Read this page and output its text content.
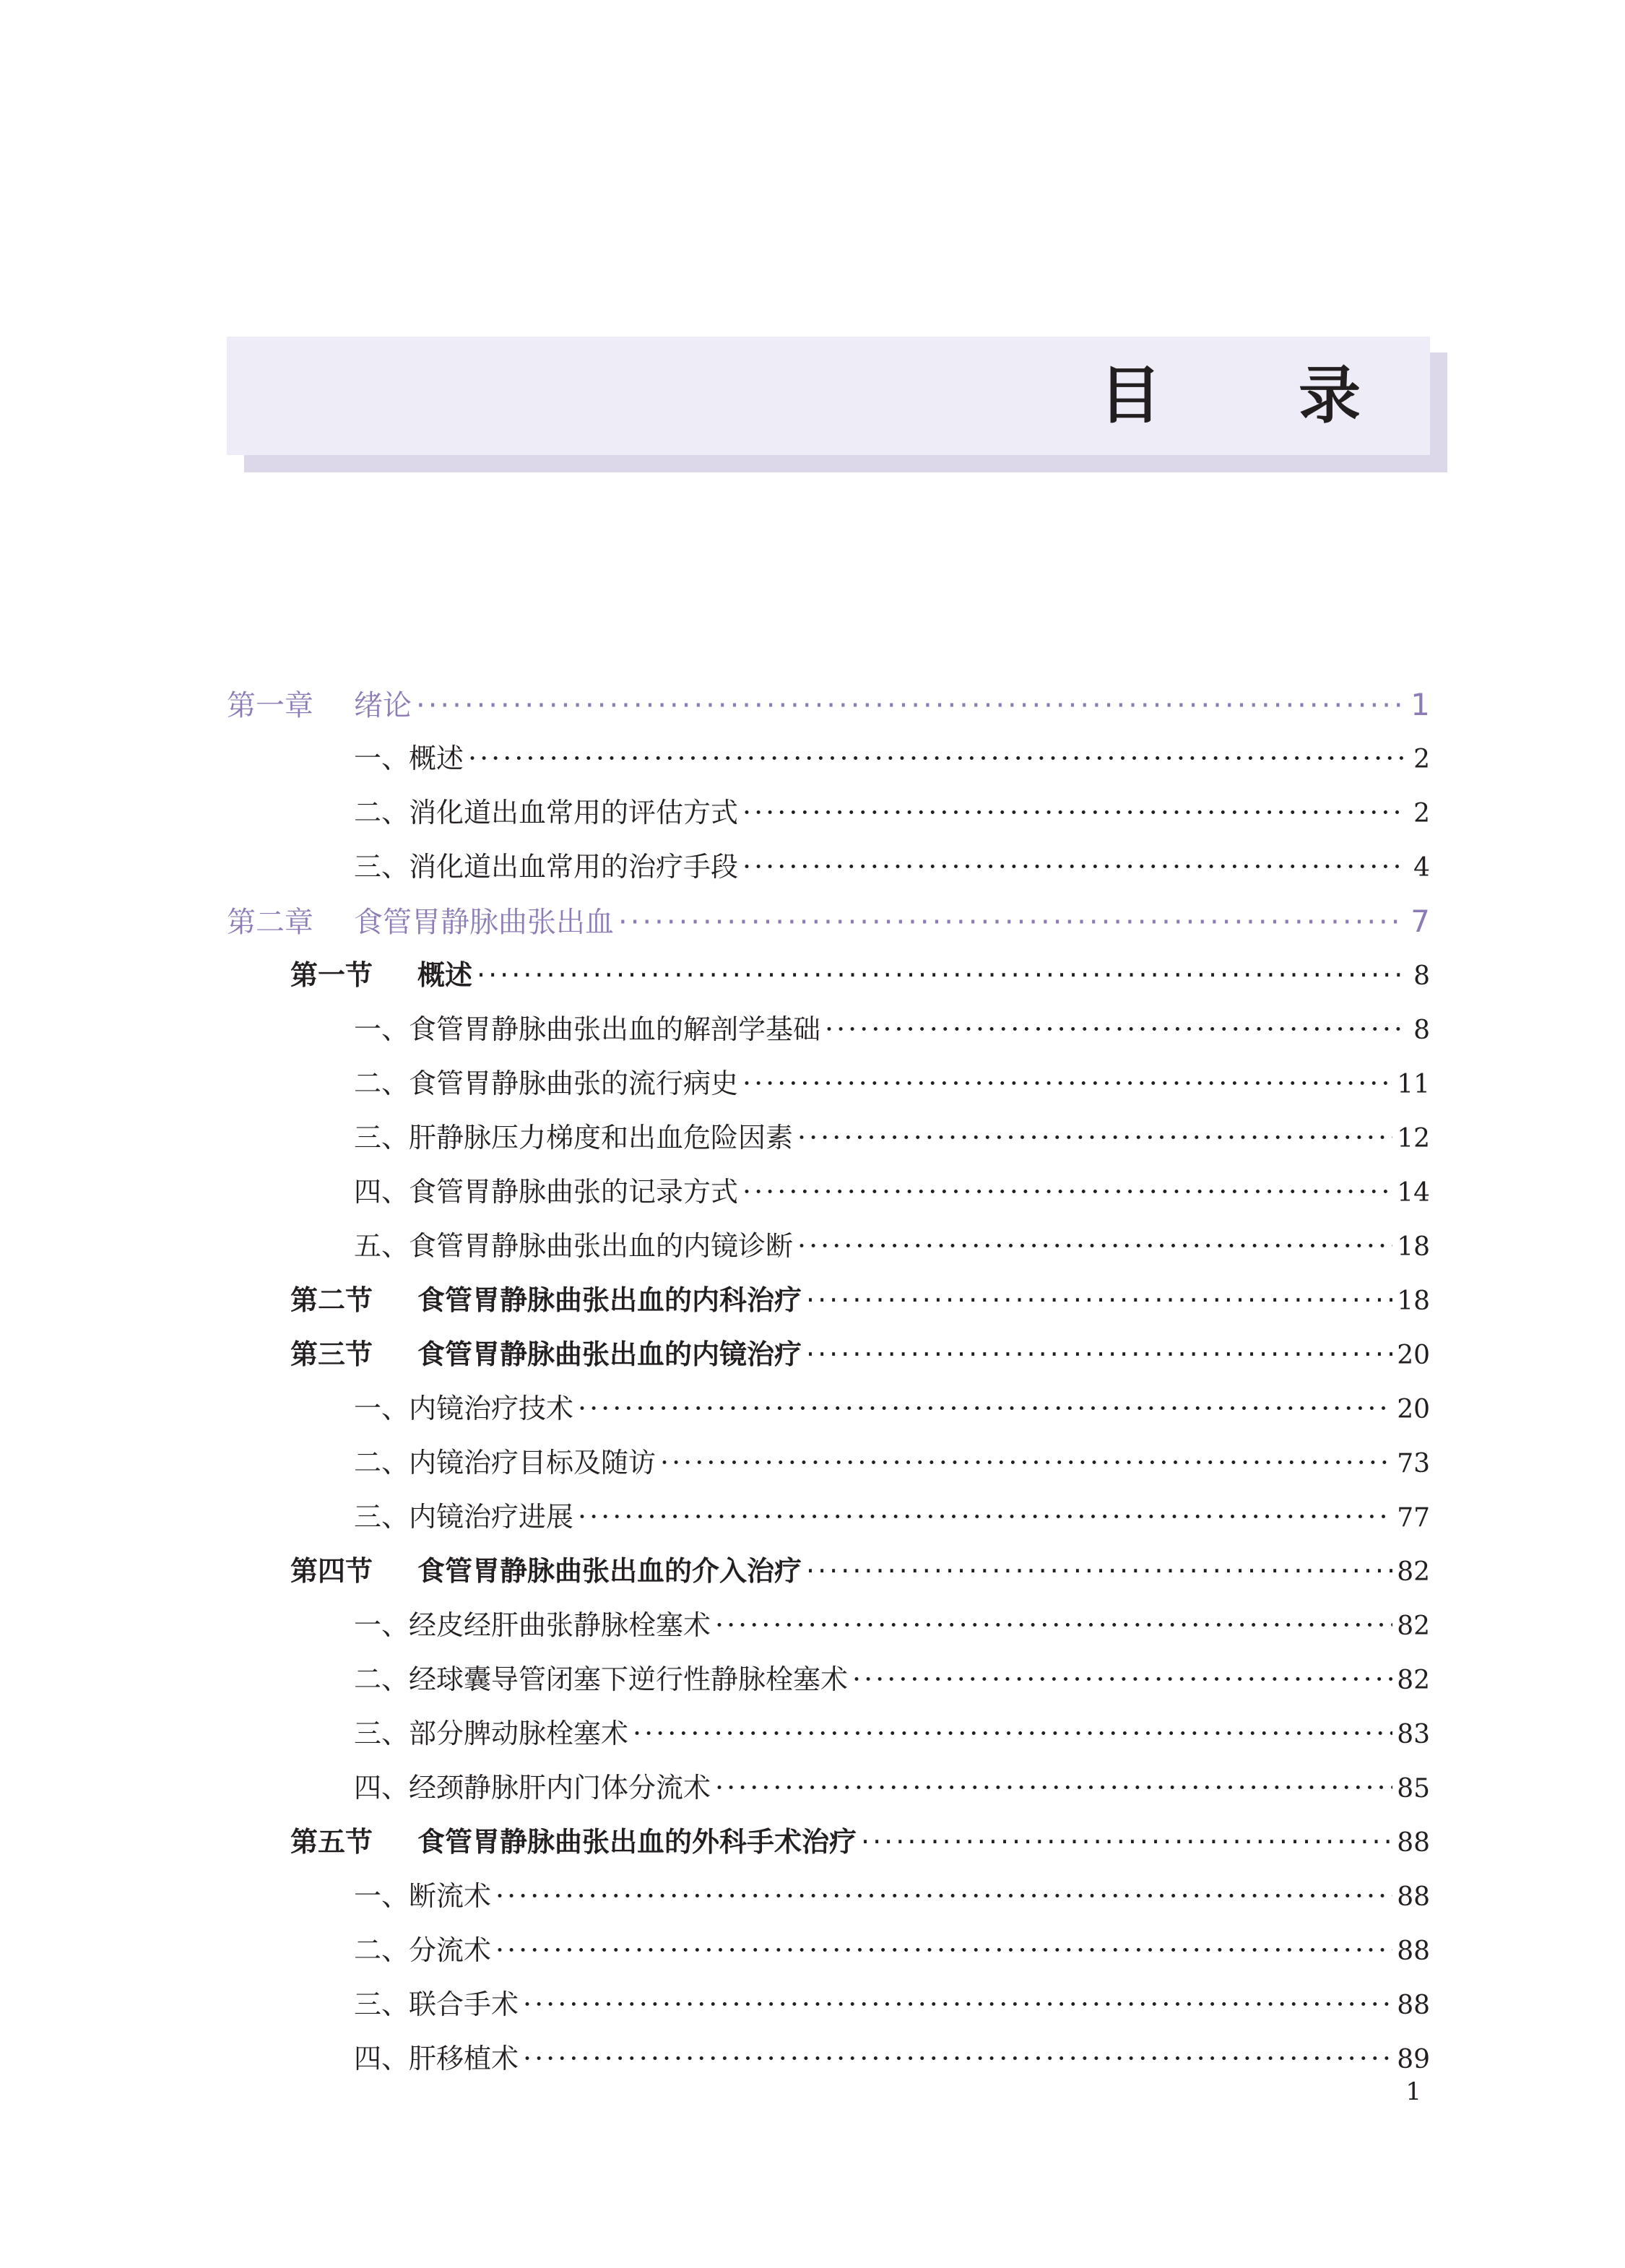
目 录
第一章 绪论 ·····	1
一、概述 ·····	2
二、消化道出血常用的评估方式 ·····	2
三、消化道出血常用的治疗手段 ·····	4
第二章 食管胃静脉曲张出血 ·····	7
第一节 概述 ·····	8
一、食管胃静脉曲张出血的解剖学基础 ·····	8
二、食管胃静脉曲张的流行病史 ·····	11
三、肝静脉压力梯度和出血危险因素 ·····	12
四、食管胃静脉曲张的记录方式 ·····	14
五、食管胃静脉曲张出血的内镜诊断 ·····	18
第二节 食管胃静脉曲张出血的内科治疗 ·····	18
第三节 食管胃静脉曲张出血的内镜治疗 ·····	20
一、内镜治疗技术 ·····	20
二、内镜治疗目标及随访 ·····	73
三、内镜治疗进展 ·····	77
第四节 食管胃静脉曲张出血的介入治疗 ·····	82
一、经皮经肝曲张静脉栓塞术 ·····	82
二、经球囊导管闭塞下逆行性静脉栓塞术 ·····	82
三、部分脾动脉栓塞术 ·····	83
四、经颈静脉肝内门体分流术 ·····	85
第五节 食管胃静脉曲张出血的外科手术治疗 ·····	88
一、断流术 ·····	88
二、分流术 ·····	88
三、联合手术 ·····	88
四、肝移植术 ·····	89
1
